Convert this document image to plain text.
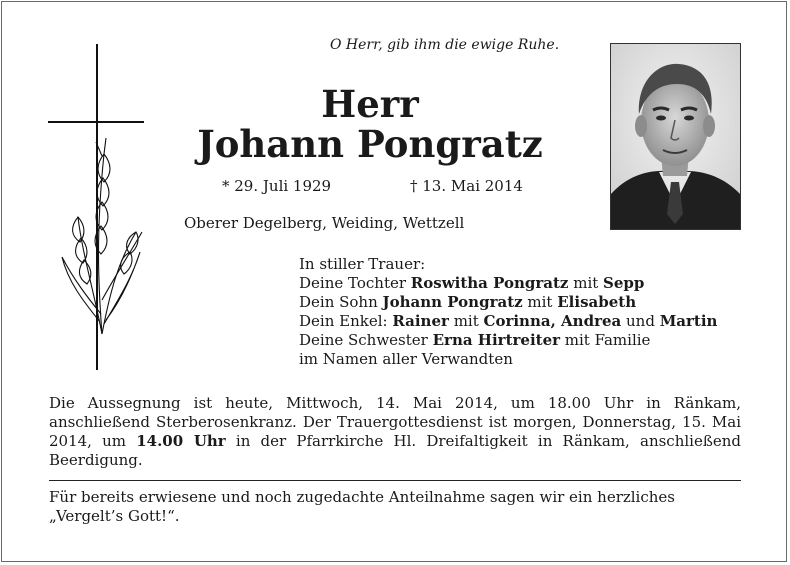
O Herr, gib ihm die ewige Ruhe.
Herr
Johann Pongratz
* 29. Juli 1929	† 13. Mai 2014
Oberer Degelberg, Weiding, Wettzell
In stiller Trauer:
Deine Tochter Roswitha Pongratz mit Sepp
Dein Sohn Johann Pongratz mit Elisabeth
Dein Enkel: Rainer mit Corinna, Andrea und Martin
Deine Schwester Erna Hirtreiter mit Familie
im Namen aller Verwandten

Die Aussegnung ist heute, Mittwoch, 14. Mai 2014, um 18.00 Uhr in Ränkam, anschließend Sterberosenkranz. Der Trauergottesdienst ist morgen, Donnerstag, 15. Mai 2014, um 14.00 Uhr in der Pfarrkirche Hl. Dreifaltigkeit in Ränkam, anschließend Beerdigung.

Für bereits erwiesene und noch zugedachte Anteilnahme sagen wir ein herzliches „Vergelt’s Gott!“.
